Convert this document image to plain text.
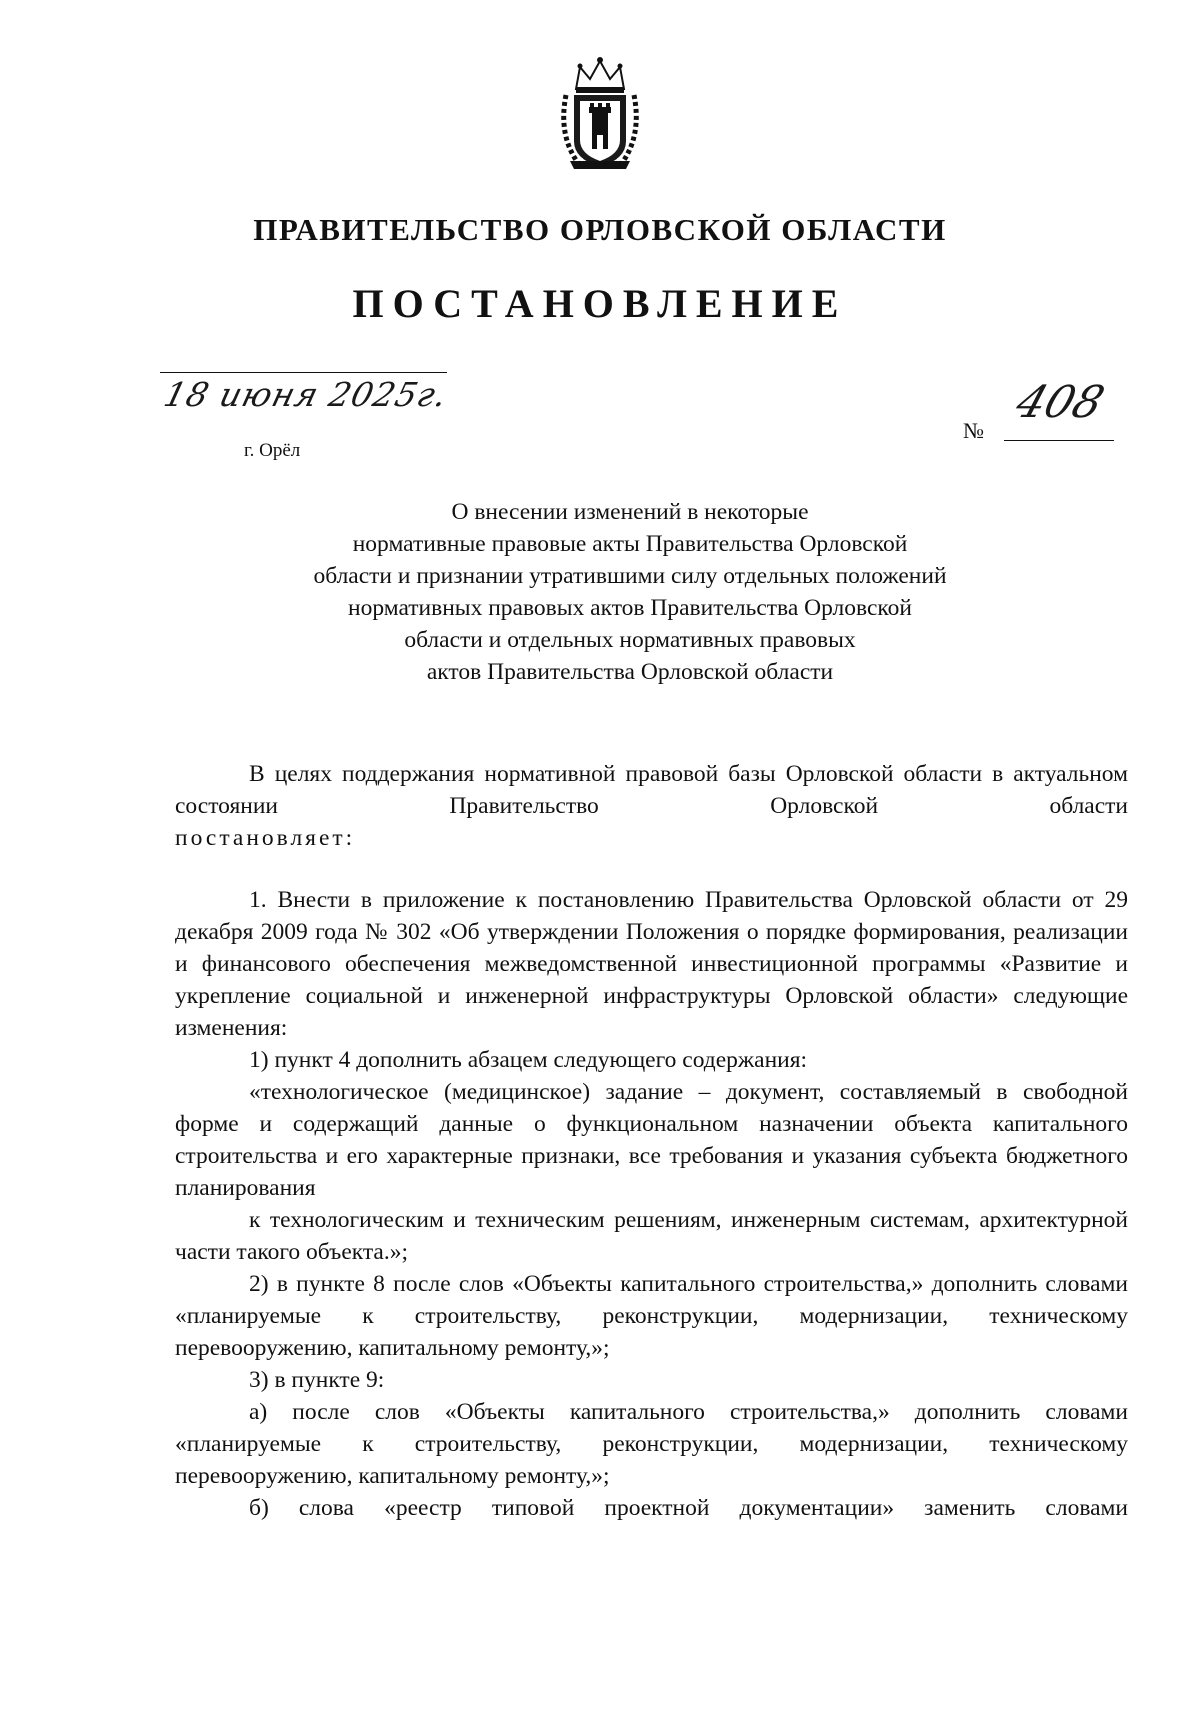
ПРАВИТЕЛЬСТВО ОРЛОВСКОЙ ОБЛАСТИ
ПОСТАНОВЛЕНИЕ
18 июня 2025г.
г. Орёл
№
408
О внесении изменений в некоторые
нормативные правовые акты Правительства Орловской
области и признании утратившими силу отдельных положений
нормативных правовых актов Правительства Орловской
области и отдельных нормативных правовых
актов Правительства Орловской области

В целях поддержания нормативной правовой базы Орловской области в актуальном состоянии Правительство Орловской области

постановляет:

1. Внести в приложение к постановлению Правительства Орловской области от 29 декабря 2009 года № 302 «Об утверждении Положения о порядке формирования, реализации и финансового обеспечения межведомственной инвестиционной программы «Развитие и укрепление социальной и инженерной инфраструктуры Орловской области» следующие изменения:

1) пункт 4 дополнить абзацем следующего содержания:

«технологическое (медицинское) задание – документ, составляемый в свободной форме и содержащий данные о функциональном назначении объекта капитального строительства и его характерные признаки, все требования и указания субъекта бюджетного планирования

к технологическим и техническим решениям, инженерным системам, архитектурной части такого объекта.»;

2) в пункте 8 после слов «Объекты капитального строительства,» дополнить словами «планируемые к строительству, реконструкции, модернизации, техническому перевооружению, капитальному ремонту,»;

3) в пункте 9:

а) после слов «Объекты капитального строительства,» дополнить словами «планируемые к строительству, реконструкции, модернизации, техническому перевооружению, капитальному ремонту,»;

б) слова «реестр типовой проектной документации» заменить словами
